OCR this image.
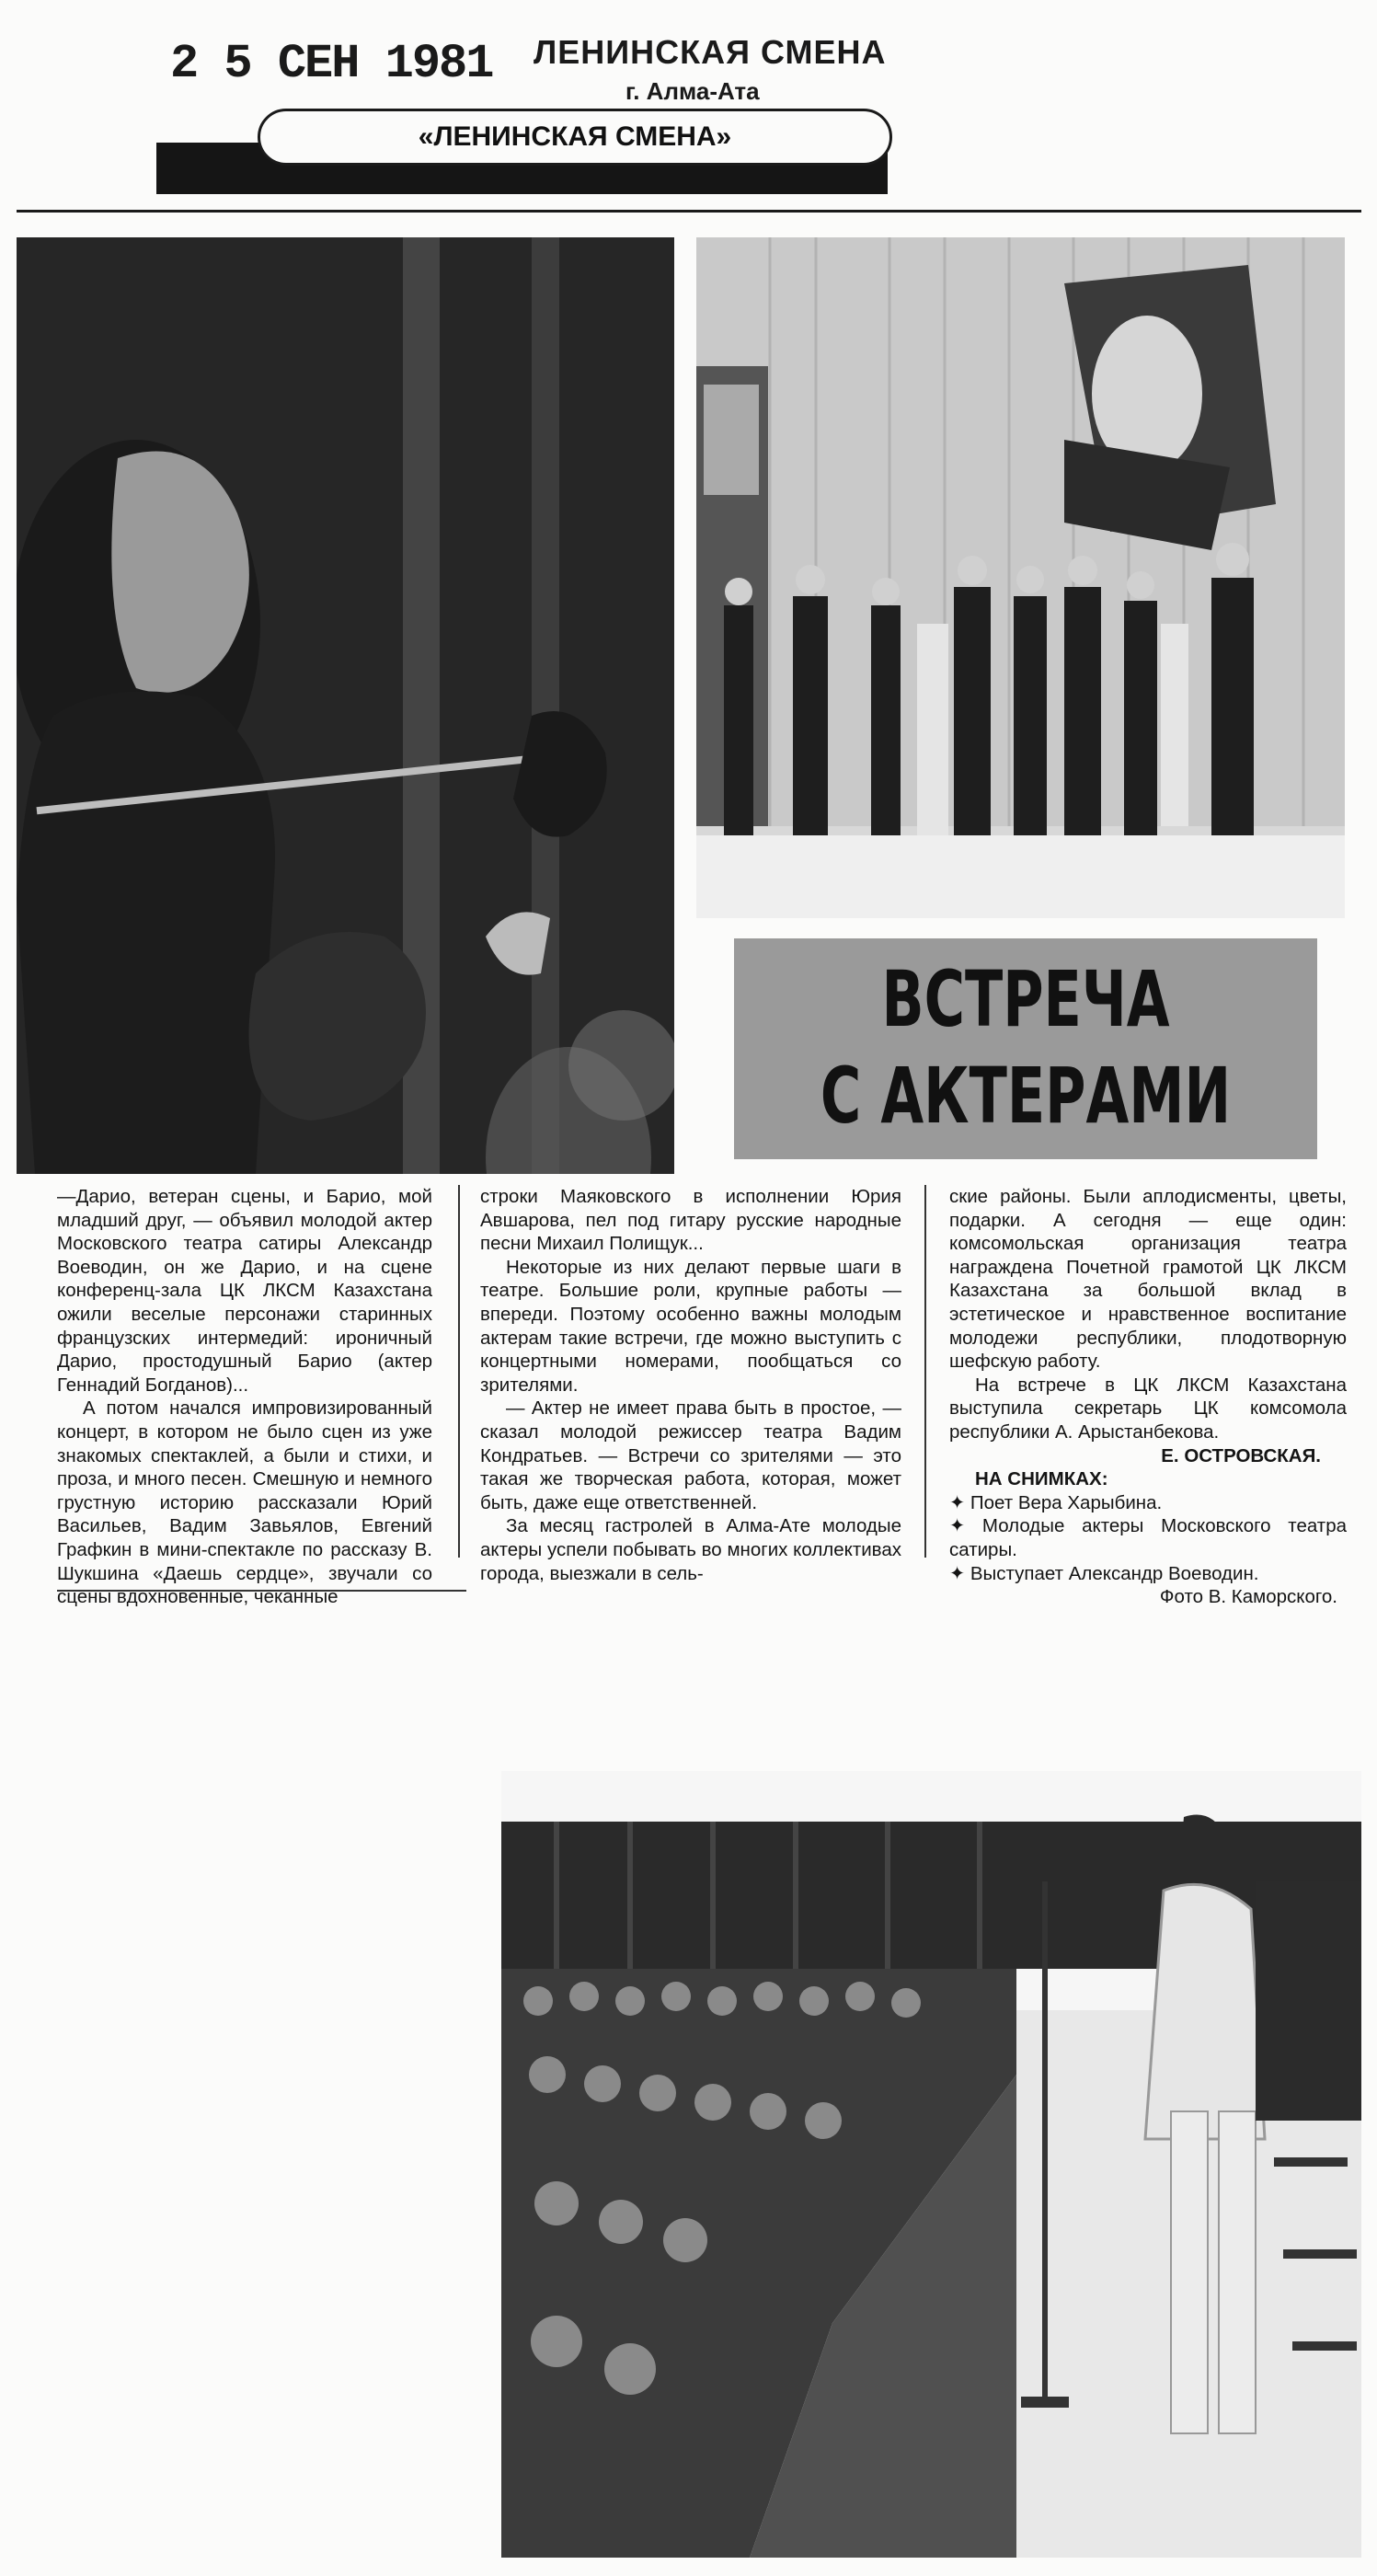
2 5 СЕН 1981 ЛЕНИНСКАЯ СМЕНА
г. Алма-Ата
«ЛЕНИНСКАЯ СМЕНА»
ВСТРЕЧА
С АКТЕРАМИ

—Дарио, ветеран сцены, и Барио, мой младший друг, — объявил молодой актер Московского театра сатиры Александр Воеводин, он же Дарио, и на сцене конференц-зала ЦК ЛКСМ Казахстана ожили веселые персонажи старинных французских интермедий: ироничный Дарио, простодушный Барио (актер Геннадий Богданов)...

А потом начался импровизированный концерт, в котором не было сцен из уже знакомых спектаклей, а были и стихи, и проза, и много песен. Смешную и немного грустную историю рассказали Юрий Васильев, Вадим Завьялов, Евгений Графкин в мини-спектакле по рассказу В. Шукшина «Даешь сердце», звучали со сцены вдохновенные, чеканные

строки Маяковского в исполнении Юрия Авшарова, пел под гитару русские народные песни Михаил Полищук...

Некоторые из них делают первые шаги в театре. Большие роли, крупные работы — впереди. Поэтому особенно важны молодым актерам такие встречи, где можно выступить с концертными номерами, пообщаться со зрителями.

— Актер не имеет права быть в простое, — сказал молодой режиссер театра Вадим Кондратьев. — Встречи со зрителями — это такая же творческая работа, которая, может быть, даже еще ответственней.

За месяц гастролей в Алма-Ате молодые актеры успели побывать во многих коллективах города, выезжали в сель-

ские районы. Были аплодисменты, цветы, подарки. А сегодня — еще один: комсомольская организация театра награждена Почетной грамотой ЦК ЛКСМ Казахстана за большой вклад в эстетическое и нравственное воспитание молодежи республики, плодотворную шефскую работу.

На встрече в ЦК ЛКСМ Казахстана выступила секретарь ЦК комсомола республики А. Арыстанбекова.

Е. ОСТРОВСКАЯ.
НА СНИМКАХ:

✦ Поет Вера Харыбина.

✦ Молодые актеры Московского театра сатиры.

✦ Выступает Александр Воеводин.

Фото В. Каморского.
